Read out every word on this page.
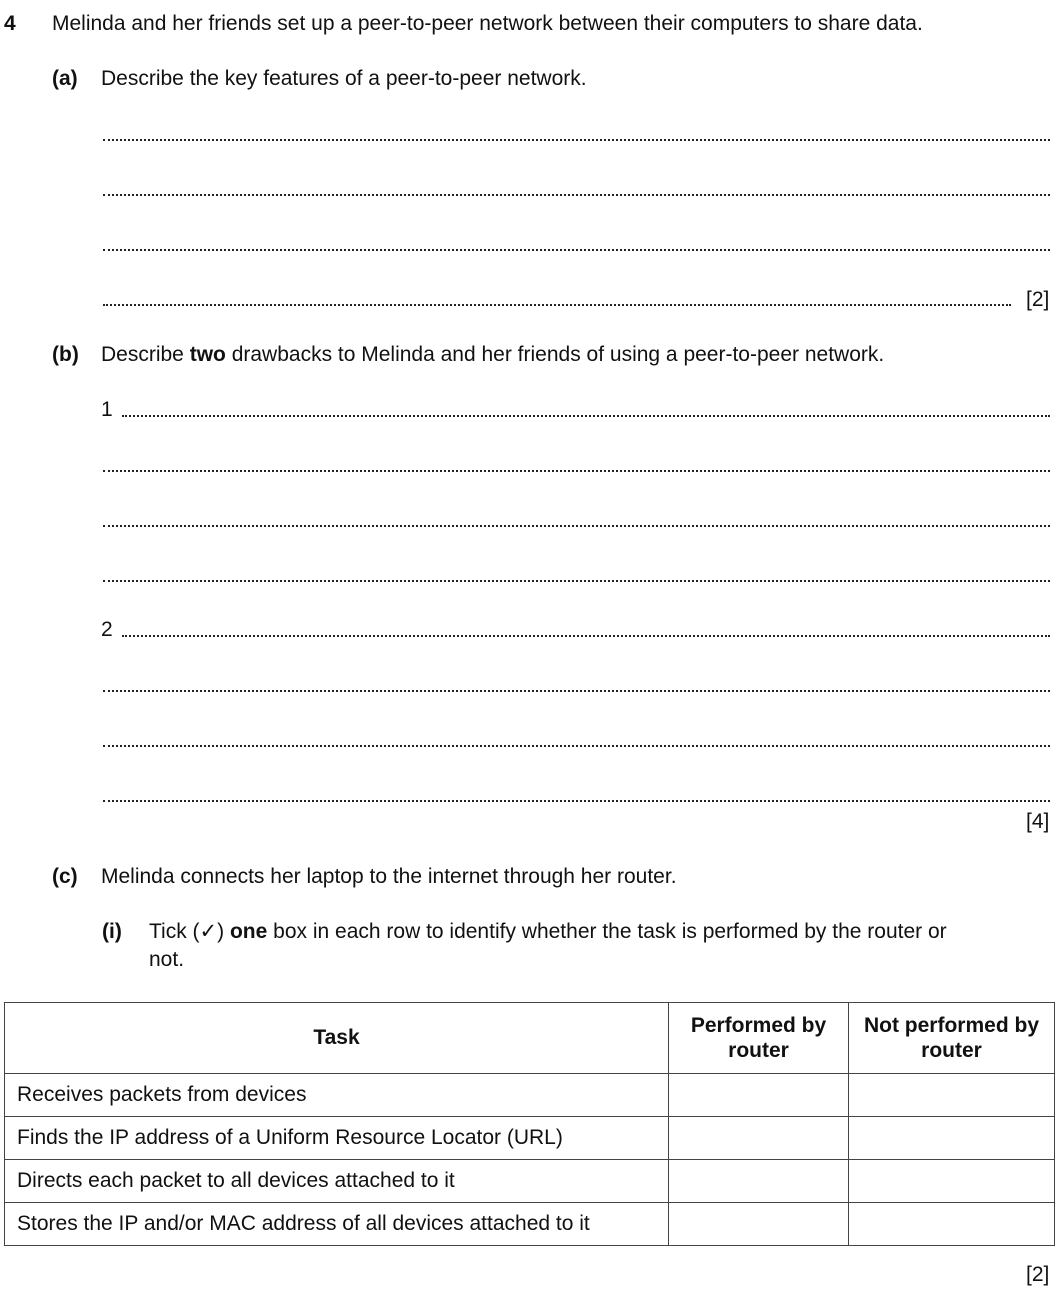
4 Melinda and her friends set up a peer-to-peer network between their computers to share data.
(a) Describe the key features of a peer-to-peer network.
[2]
(b) Describe two drawbacks to Melinda and her friends of using a peer-to-peer network.
1
2
[4]
(c) Melinda connects her laptop to the internet through her router.
(i) Tick (✓) one box in each row to identify whether the task is performed by the router or
not.
Task	Performed by router	Not performed by router
Receives packets from devices		
Finds the IP address of a Uniform Resource Locator (URL)		
Directs each packet to all devices attached to it		
Stores the IP and/or MAC address of all devices attached to it		
[2]
